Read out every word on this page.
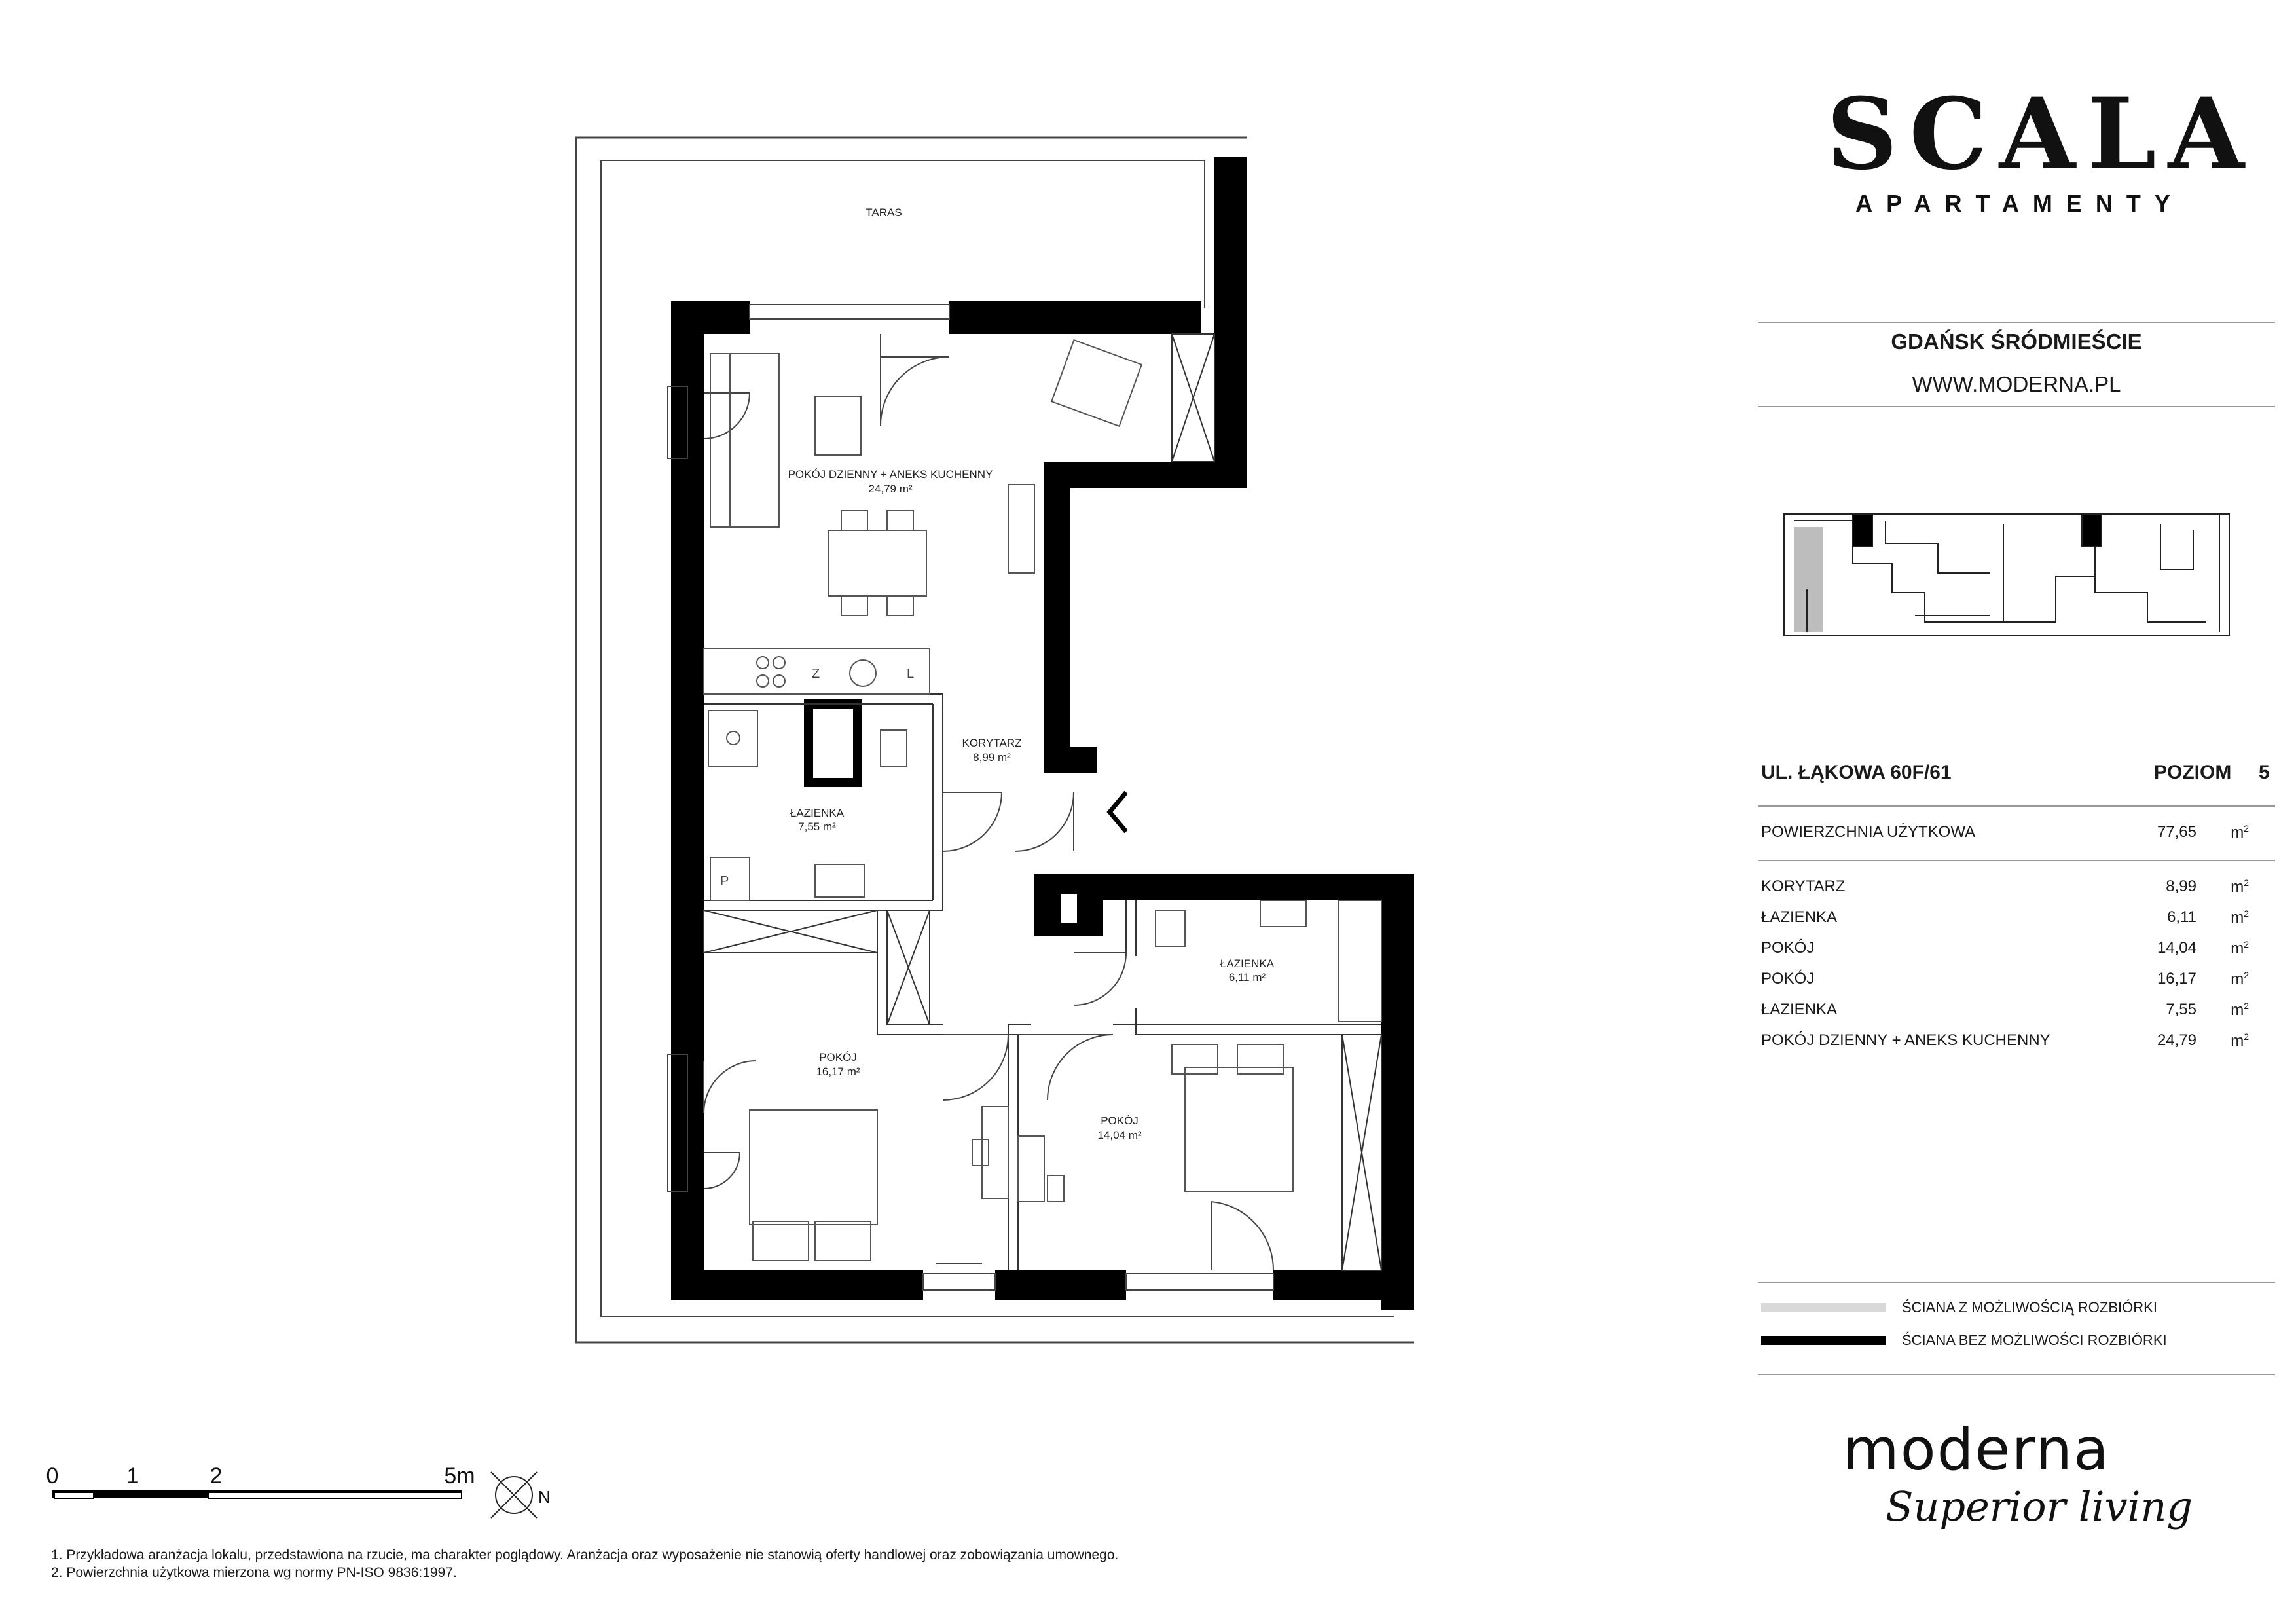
TARAS
POKÓJ DZIENNY + ANEKS KUCHENNY
24,79 m²
KORYTARZ
8,99 m²
ŁAZIENKA
7,55 m²
ŁAZIENKA
6,11 m²
POKÓJ
16,17 m²
POKÓJ
14,04 m²
Z	L
P
0	1	2	5m
N
SCALA
APARTAMENTY
GDAŃSK ŚRÓDMIEŚCIE
WWW.MODERNA.PL
UL. ŁĄKOWA 60F/61	POZIOM 5
POWIERZCHNIA UŻYTKOWA	77,65 $m^2$
KORYTARZ	8,99 $m^2$
ŁAZIENKA	6,11 $m^2$
POKÓJ	14,04 $m^2$
POKÓJ	16,17 $m^2$
ŁAZIENKA	7,55 $m^2$
POKÓJ DZIENNY + ANEKS KUCHENNY	24,79 $m^2$
ŚCIANA Z MOŻLIWOŚCIĄ ROZBIÓRKI
ŚCIANA BEZ MOŻLIWOŚCI ROZBIÓRKI
moderna
Superior living
1. Przykładowa aranżacja lokalu, przedstawiona na rzucie, ma charakter poglądowy. Aranżacja oraz wyposażenie nie stanowią oferty handlowej oraz zobowiązania umownego.
2. Powierzchnia użytkowa mierzona wg normy PN-ISO 9836:1997.
